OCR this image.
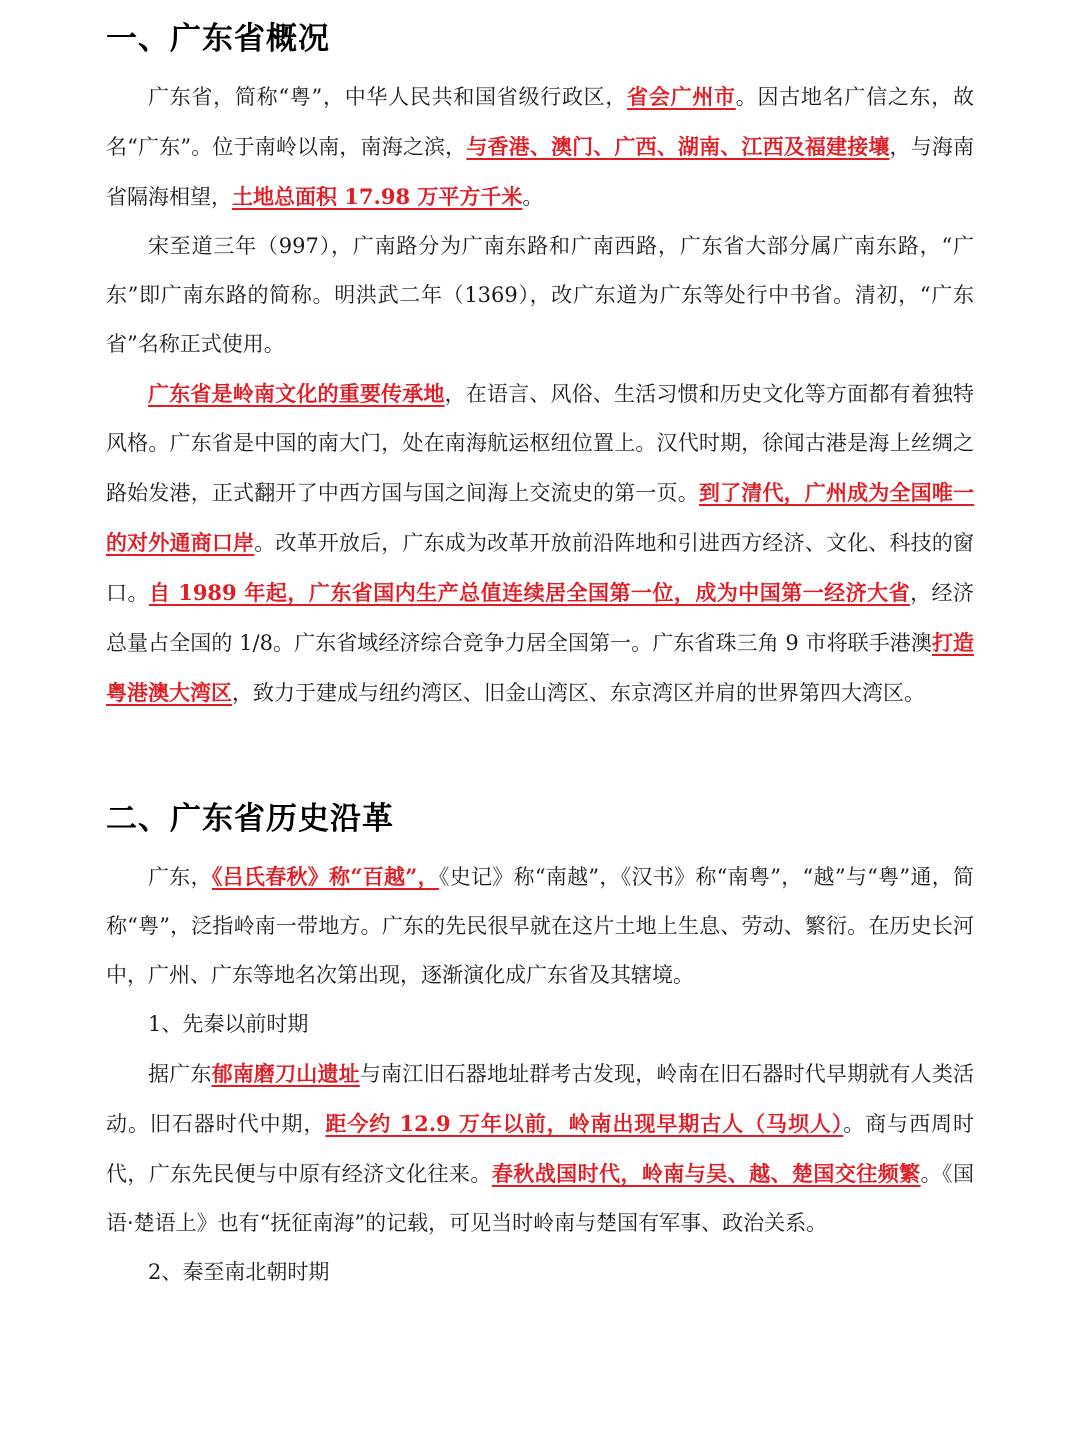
一、广东省概况

广东省，简称“粤”，中华人民共和国省级行政区，省会广州市。因古地名广信之东，故名“广东”。位于南岭以南，南海之滨，与香港、澳门、广西、湖南、江西及福建接壤，与海南省隔海相望，土地总面积 17.98 万平方千米。

宋至道三年（997），广南路分为广南东路和广南西路，广东省大部分属广南东路，“广东”即广南东路的简称。明洪武二年（1369），改广东道为广东等处行中书省。清初，“广东省”名称正式使用。

广东省是岭南文化的重要传承地，在语言、风俗、生活习惯和历史文化等方面都有着独特风格。广东省是中国的南大门，处在南海航运枢纽位置上。汉代时期，徐闻古港是海上丝绸之路始发港，正式翻开了中西方国与国之间海上交流史的第一页。到了清代，广州成为全国唯一的对外通商口岸。改革开放后，广东成为改革开放前沿阵地和引进西方经济、文化、科技的窗口。自 1989 年起，广东省国内生产总值连续居全国第一位，成为中国第一经济大省，经济总量占全国的 1/8。广东省域经济综合竞争力居全国第一。广东省珠三角 9 市将联手港澳打造粤港澳大湾区，致力于建成与纽约湾区、旧金山湾区、东京湾区并肩的世界第四大湾区。

二、广东省历史沿革

广东，《吕氏春秋》称“百越”，《史记》称“南越”，《汉书》称“南粤”，“越”与“粤”通，简称“粤”，泛指岭南一带地方。广东的先民很早就在这片土地上生息、劳动、繁衍。在历史长河中，广州、广东等地名次第出现，逐渐演化成广东省及其辖境。

1、先秦以前时期

据广东郁南磨刀山遗址与南江旧石器地址群考古发现，岭南在旧石器时代早期就有人类活动。旧石器时代中期，距今约 12.9 万年以前，岭南出现早期古人（马坝人）。商与西周时代，广东先民便与中原有经济文化往来。春秋战国时代，岭南与吴、越、楚国交往频繁。《国语·楚语上》也有“抚征南海”的记载，可见当时岭南与楚国有军事、政治关系。

2、秦至南北朝时期
